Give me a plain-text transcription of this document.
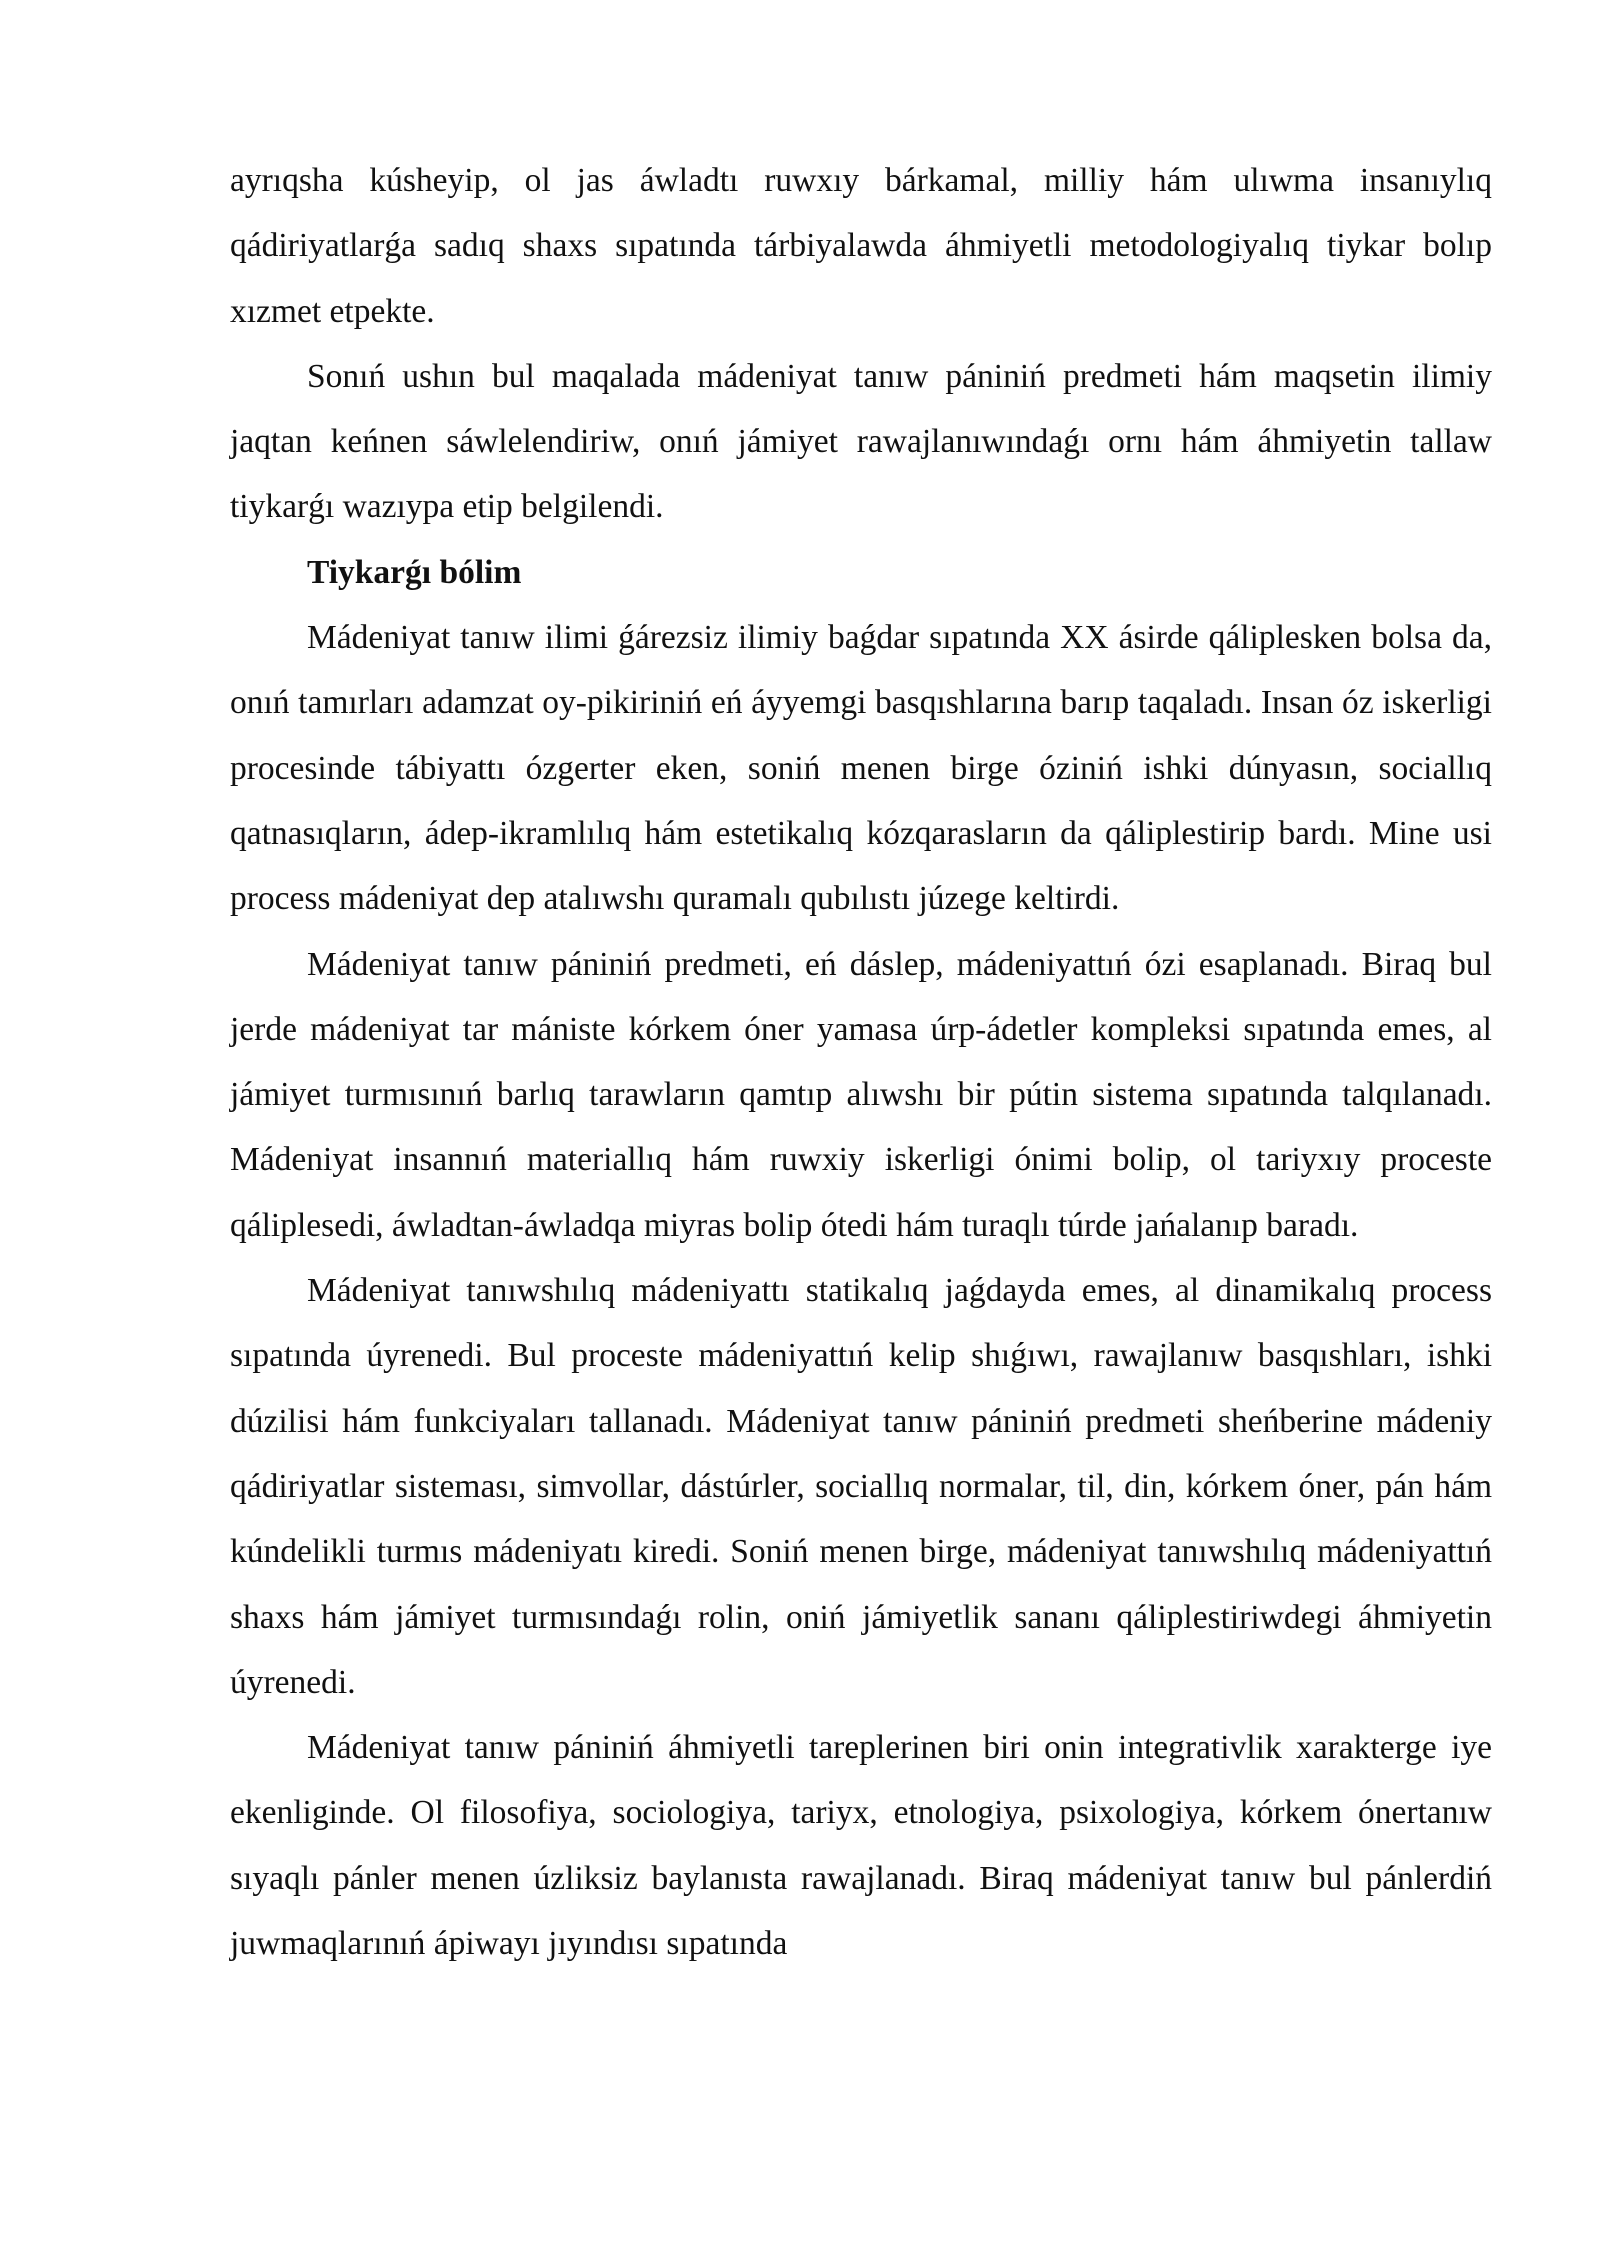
ayrıqsha kúsheyip, ol jas áwladtı ruwxıy bárkamal, milliy hám ulıwma insanıylıq qádiriyatlarǵa sadıq shaxs sıpatında tárbiyalawda áhmiyetli metodologiyalıq tiykar bolıp xızmet etpekte.

Sonıń ushın bul maqalada mádeniyat tanıw pániniń predmeti hám maqsetin ilimiy jaqtan keńnen sáwlelendiriw, onıń jámiyet rawajlanıwındaǵı ornı hám áhmiyetin tallaw tiykarǵı wazıypa etip belgilendi.

Tiykarǵı bólim

Mádeniyat tanıw ilimi ǵárezsiz ilimiy baǵdar sıpatında XX ásirde qáliplesken bolsa da, onıń tamırları adamzat oy-pikiriniń eń áyyemgi basqıshlarına barıp taqaladı. Insan óz iskerligi procesinde tábiyattı ózgerter eken, soniń menen birge óziniń ishki dúnyasın, sociallıq qatnasıqların, ádep-ikramlılıq hám estetikalıq kózqarasların da qáliplestirip bardı. Mine usi process mádeniyat dep atalıwshı quramalı qubılıstı júzege keltirdi.

Mádeniyat tanıw pániniń predmeti, eń dáslep, mádeniyattıń ózi esaplanadı. Biraq bul jerde mádeniyat tar mániste kórkem óner yamasa úrp-ádetler kompleksi sıpatında emes, al jámiyet turmısınıń barlıq tarawların qamtıp alıwshı bir pútin sistema sıpatında talqılanadı. Mádeniyat insannıń materiallıq hám ruwxiy iskerligi ónimi bolip, ol tariyxıy proceste qáliplesedi, áwladtan-áwladqa miyras bolip ótedi hám turaqlı túrde jańalanıp baradı.

Mádeniyat tanıwshılıq mádeniyattı statikalıq jaǵdayda emes, al dinamikalıq process sıpatında úyrenedi. Bul proceste mádeniyattıń kelip shıǵıwı, rawajlanıw basqıshları, ishki dúzilisi hám funkciyaları tallanadı. Mádeniyat tanıw pániniń predmeti sheńberine mádeniy qádiriyatlar sisteması, simvollar, dástúrler, sociallıq normalar, til, din, kórkem óner, pán hám kúndelikli turmıs mádeniyatı kiredi. Soniń menen birge, mádeniyat tanıwshılıq mádeniyattıń shaxs hám jámiyet turmısındaǵı rolin, oniń jámiyetlik sananı qáliplestiriwdegi áhmiyetin úyrenedi.

Mádeniyat tanıw pániniń áhmiyetli tareplerinen biri onin integrativlik xarakterge iye ekenliginde. Ol filosofiya, sociologiya, tariyx, etnologiya, psixologiya, kórkem ónertanıw sıyaqlı pánler menen úzliksiz baylanısta rawajlanadı. Biraq mádeniyat tanıw bul pánlerdiń juwmaqlarınıń ápiwayı jıyındısı sıpatında
